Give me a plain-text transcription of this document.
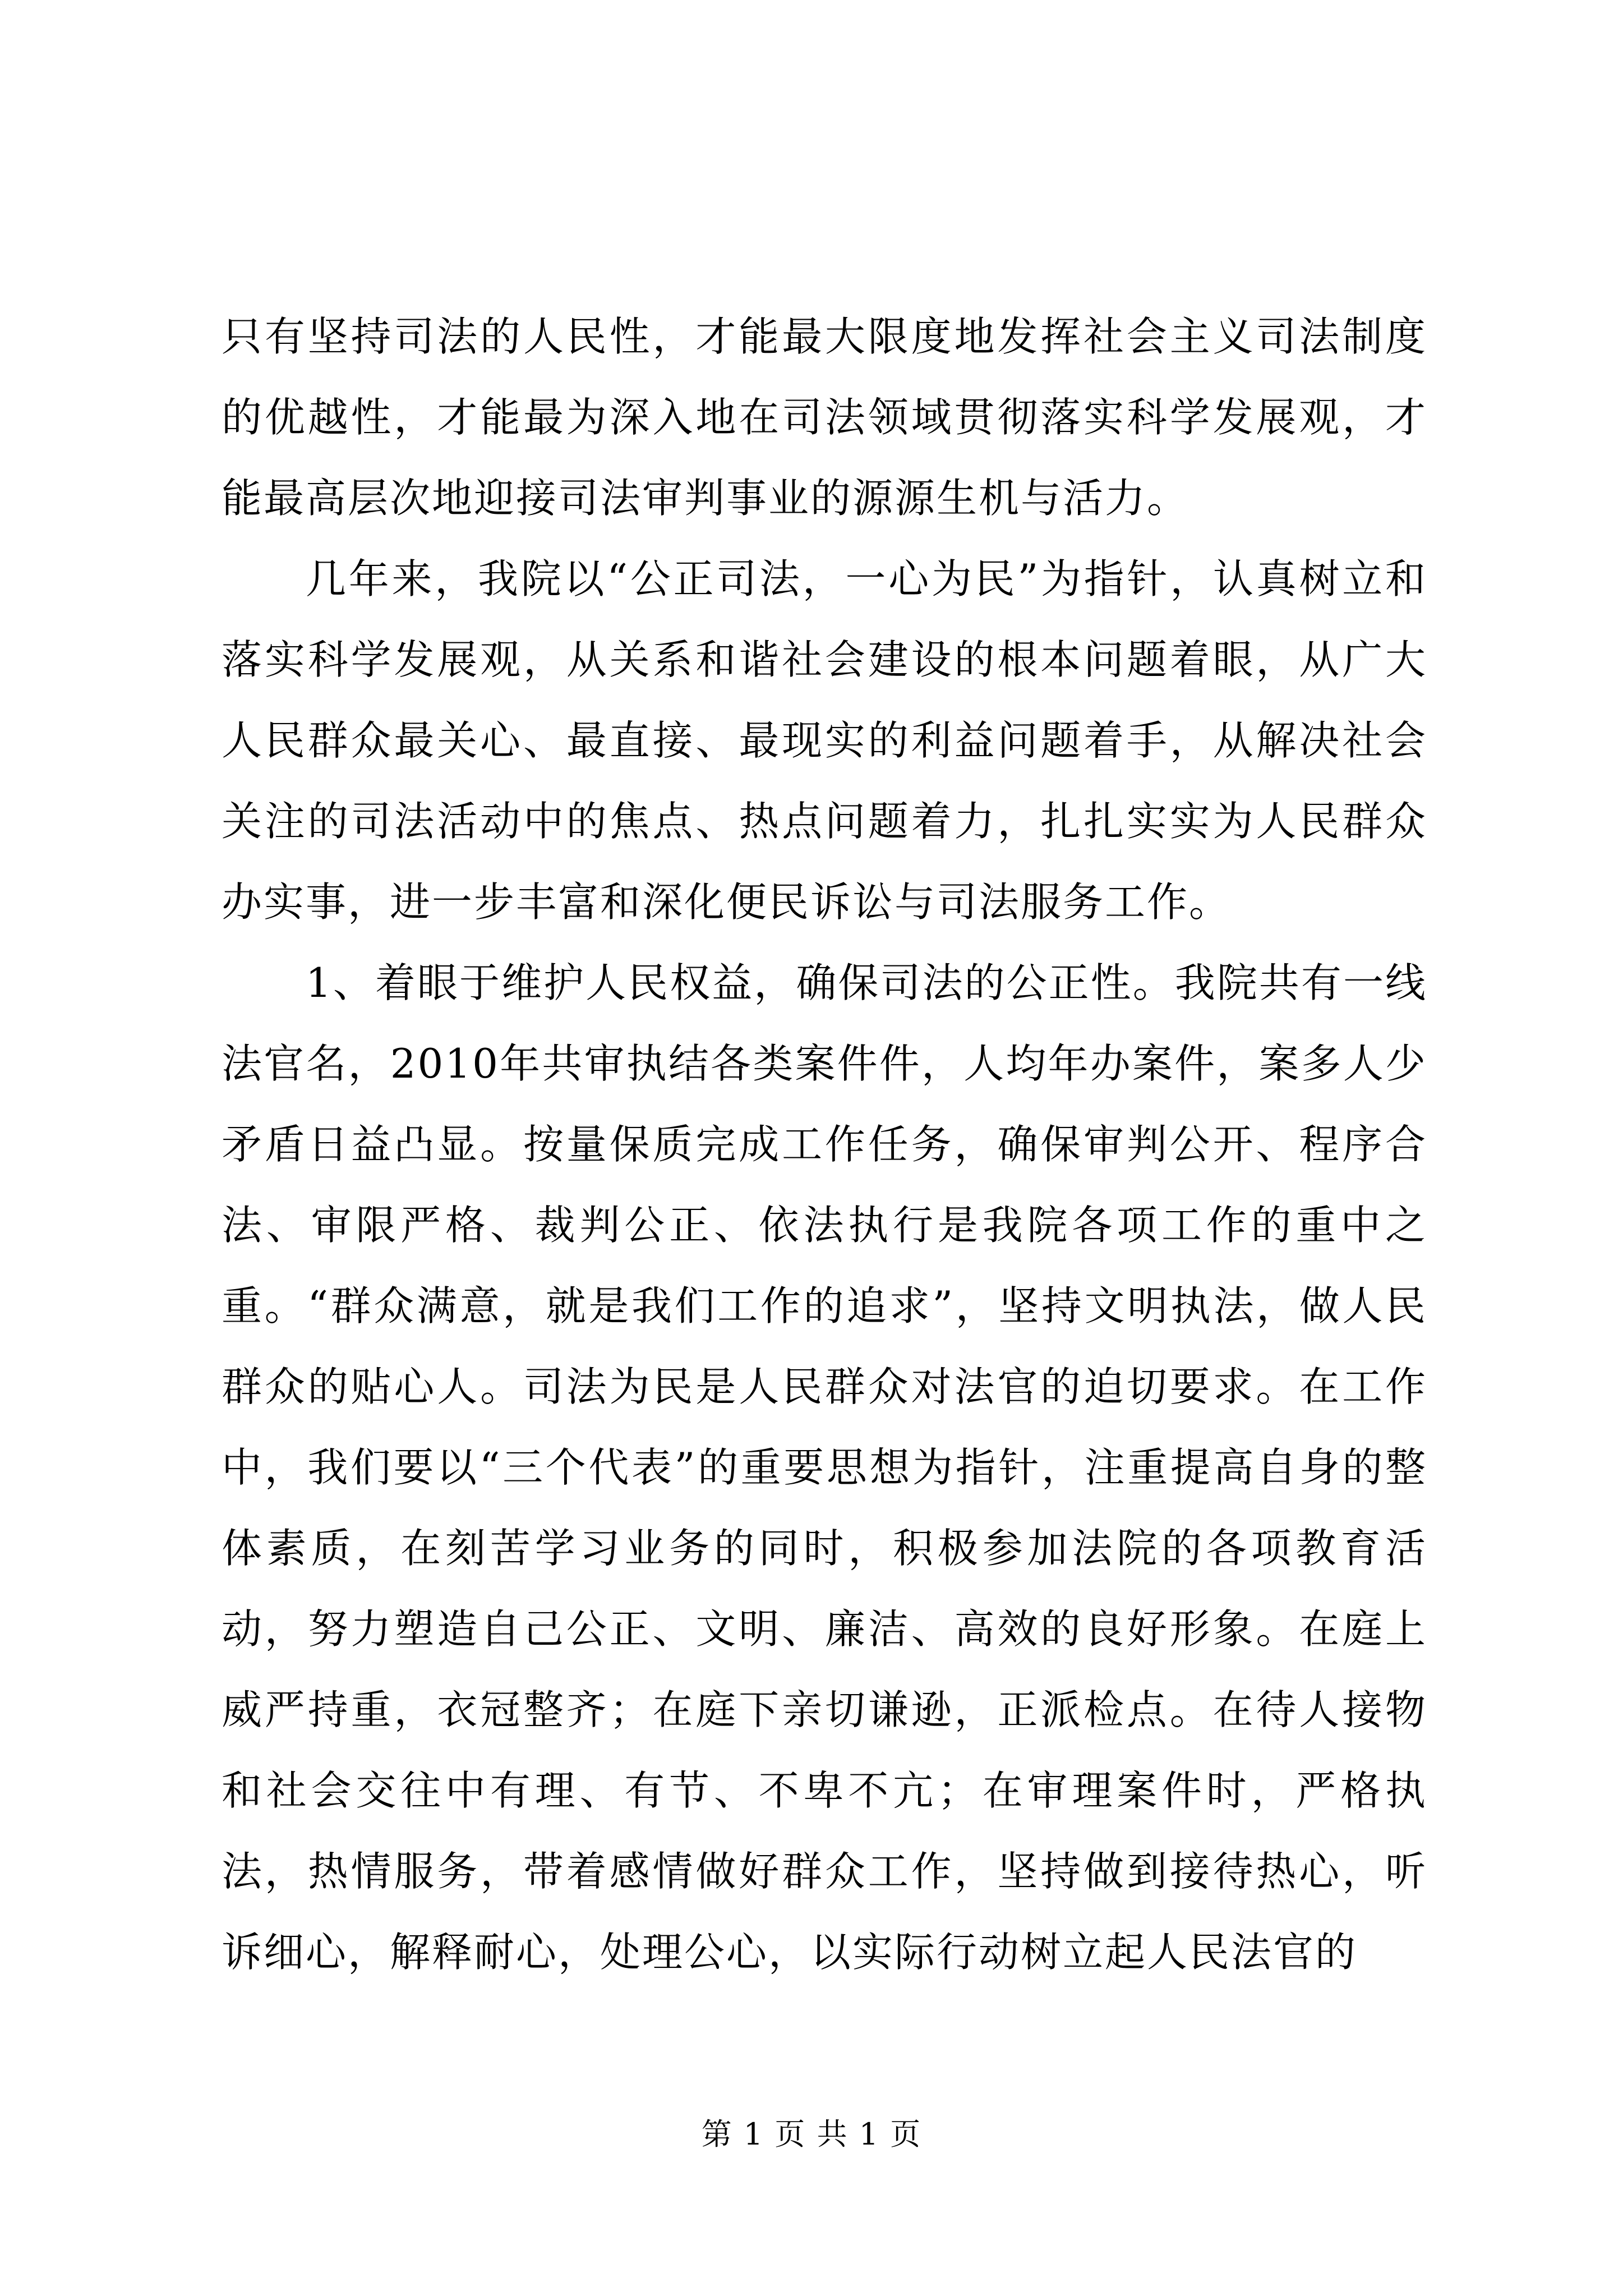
只有坚持司法的人民性，才能最大限度地发挥社会主义司法制度的优越性，才能最为深入地在司法领域贯彻落实科学发展观，才能最高层次地迎接司法审判事业的源源生机与活力。

几年来，我院以“公正司法，一心为民”为指针，认真树立和落实科学发展观，从关系和谐社会建设的根本问题着眼，从广大人民群众最关心、最直接、最现实的利益问题着手，从解决社会关注的司法活动中的焦点、热点问题着力，扎扎实实为人民群众办实事，进一步丰富和深化便民诉讼与司法服务工作。

1、着眼于维护人民权益，确保司法的公正性。我院共有一线法官名，2010年共审执结各类案件件，人均年办案件，案多人少矛盾日益凸显。按量保质完成工作任务，确保审判公开、程序合法、审限严格、裁判公正、依法执行是我院各项工作的重中之重。“群众满意，就是我们工作的追求”，坚持文明执法，做人民群众的贴心人。司法为民是人民群众对法官的迫切要求。在工作中，我们要以“三个代表”的重要思想为指针，注重提高自身的整体素质，在刻苦学习业务的同时，积极参加法院的各项教育活动，努力塑造自己公正、文明、廉洁、高效的良好形象。在庭上威严持重，衣冠整齐；在庭下亲切谦逊，正派检点。在待人接物和社会交往中有理、有节、不卑不亢；在审理案件时，严格执法，热情服务，带着感情做好群众工作，坚持做到接待热心，听诉细心，解释耐心，处理公心，以实际行动树立起人民法官的

第 1 页 共 1 页
